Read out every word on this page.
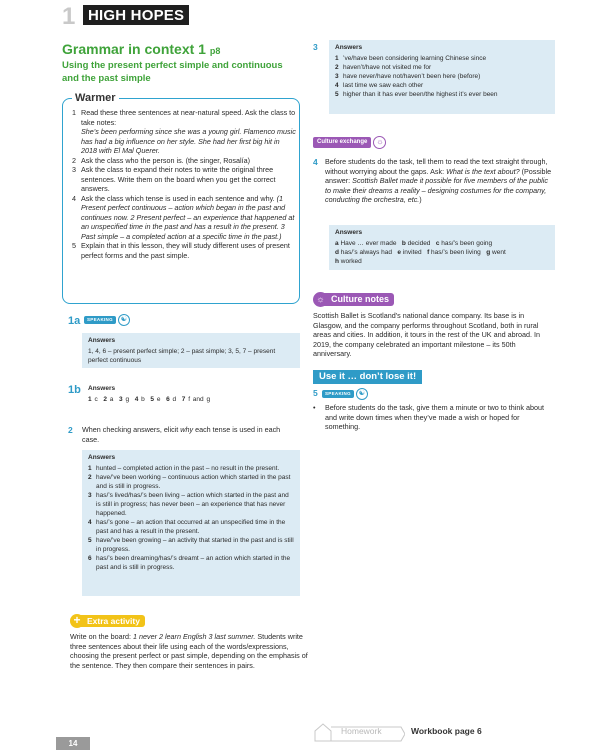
1 HIGH HOPES
Grammar in context 1 p8
Using the present perfect simple and continuous and the past simple
Warmer
1 Read these three sentences at near-natural speed. Ask the class to take notes:
She’s been performing since she was a young girl. Flamenco music has had a big influence on her style. She had her first big hit in 2018 with El Mal Querer.
2 Ask the class who the person is. (the singer, Rosalía)
3 Ask the class to expand their notes to write the original three sentences. Write them on the board when you get the correct answers.
4 Ask the class which tense is used in each sentence and why. (1 Present perfect continuous – action which began in the past and continues now. 2 Present perfect – an experience that happened at an unspecified time in the past and has a result in the present. 3 Past simple – a completed action at a specific time in the past.)
5 Explain that in this lesson, they will study different uses of present perfect forms and the past simple.
1a	SPEAKING	☯
Answers
1, 4, 6 – present perfect simple; 2 – past simple; 3, 5, 7 – present perfect continuous
1b Answers
1 c 2 a 3 g 4 b 5 e 6 d 7 f and g
2	When checking answers, elicit why each tense is used in each case.
Answers
1 hunted – completed action in the past – no result in the present.
2 have/’ve been working – continuous action which started in the past and is still in progress.
3 has/’s lived/has/’s been living – action which started in the past and is still in progress; has never been – an experience that has never happened.
4 has/’s gone – an action that occurred at an unspecified time in the past and has a result in the present.
5 have/’ve been growing – an activity that started in the past and is still in progress.
6 has/’s been dreaming/has/’s dreamt – an action which started in the past and is still in progress.
+ Extra activity
Write on the board: 1 never 2 learn English 3 last summer. Students write three sentences about their life using each of the words/expressions, choosing the present perfect or past simple, depending on the emphasis of the sentence. They then compare their sentences in pairs.
3	Answers
1 ’ve/have been considering learning Chinese since
2 haven’t/have not visited me for
3 have never/have not/haven’t been here (before)
4 last time we saw each other
5 higher than it has ever been/the highest it’s ever been
Culture exchange	☼
4	Before students do the task, tell them to read the text straight through, without worrying about the gaps. Ask: What is the text about? (Possible answer: Scottish Ballet made it possible for five members of the public to make their dreams a reality – designing costumes for the company, conducting the orchestra, etc.)
Answers
a Have … ever made b decided c has/’s been going
d has/’s always had e invited f has/’s been living g went
h worked
☼ Culture notes
Scottish Ballet is Scotland’s national dance company. Its base is in Glasgow, and the company performs throughout Scotland, both in rural areas and cities. In addition, it tours in the rest of the UK and abroad. In 2019, the company celebrated an important milestone – its 50th anniversary.
Use it … don’t lose it!
5	SPEAKING	☯
•	Before students do the task, give them a minute or two to think about and write down times when they’ve made a wish or hoped for something.
14
Homework	Workbook page 6
